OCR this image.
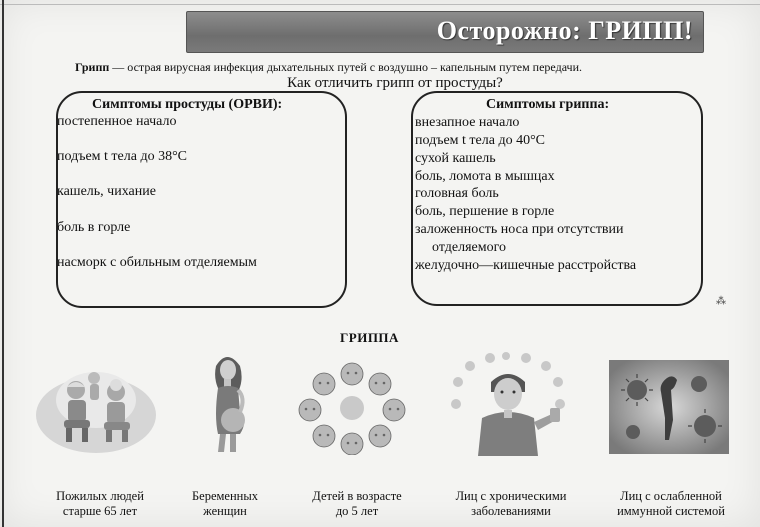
Осторожно: ГРИПП!
Грипп — острая вирусная инфекция дыхательных путей с воздушно – капельным путем передачи.
Как отличить грипп от простуды?
Симптомы простуды (ОРВИ):
постепенное начало
подъем t тела до 38°С
кашель, чихание
боль в горле
насморк с обильным отделяемым
Симптомы гриппа:
внезапное начало
подъем t тела до 40°С
сухой кашель
боль, ломота в мышцах
головная боль
боль, першение в горле
заложенность носа при отсутствии
отделяемого
желудочно—кишечные расстройства
⁂
ГРИППА
Пожилых людей
старше 65 лет
Беременных
женщин
Детей в возрасте
до 5 лет
Лиц с хроническими
заболеваниями
Лиц с ослабленной
иммунной системой
